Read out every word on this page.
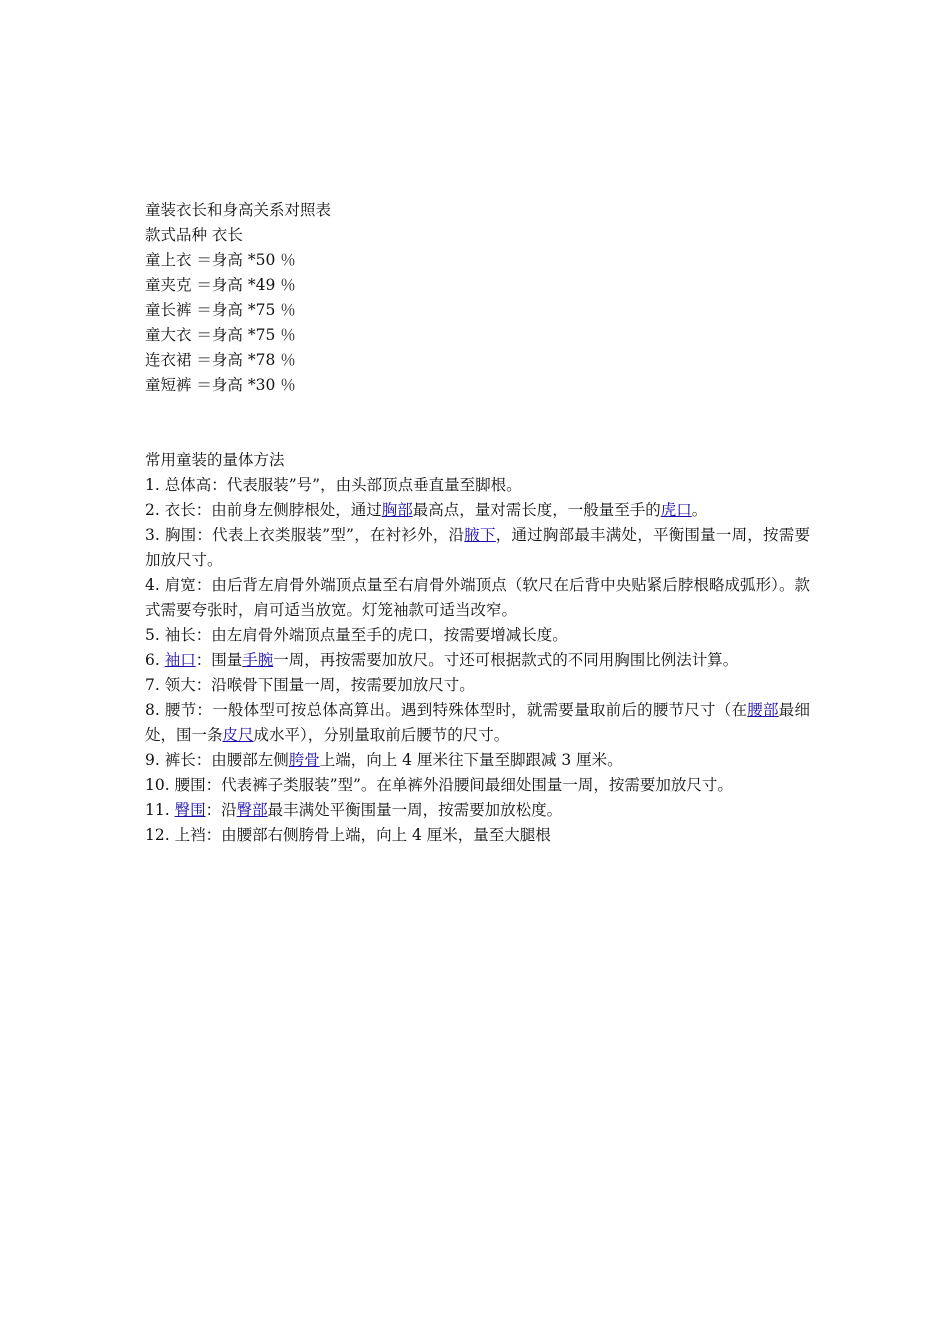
童装衣长和身高关系对照表
款式品种 衣长
童上衣 ＝身高 *50 ％
童夹克 ＝身高 *49 ％
童长裤 ＝身高 *75 ％
童大衣 ＝身高 *75 ％
连衣裙 ＝身高 *78 ％
童短裤 ＝身高 *30 ％
常用童装的量体方法
1. 总体高：代表服装”号”，由头部顶点垂直量至脚根。
2. 衣长：由前身左侧脖根处，通过胸部最高点，量对需长度，一般量至手的虎口。
3. 胸围：代表上衣类服装”型”，在衬衫外，沿腋下，通过胸部最丰满处，平衡围量一周，按需要加放尺寸。
4. 肩宽：由后背左肩骨外端顶点量至右肩骨外端顶点（软尺在后背中央贴紧后脖根略成弧形）。款式需要夸张时，肩可适当放宽。灯笼袖款可适当改窄。
5. 袖长：由左肩骨外端顶点量至手的虎口，按需要增减长度。
6. 袖口：围量手腕一周，再按需要加放尺。寸还可根据款式的不同用胸围比例法计算。
7. 领大：沿喉骨下围量一周，按需要加放尺寸。
8. 腰节：一般体型可按总体高算出。遇到特殊体型时，就需要量取前后的腰节尺寸（在腰部最细处，围一条皮尺成水平），分别量取前后腰节的尺寸。
9. 裤长：由腰部左侧胯骨上端，向上 4 厘米往下量至脚跟减 3 厘米。
10. 腰围：代表裤子类服装”型”。在单裤外沿腰间最细处围量一周，按需要加放尺寸。
11. 臀围：沿臀部最丰满处平衡围量一周，按需要加放松度。
12. 上裆：由腰部右侧胯骨上端，向上 4 厘米，量至大腿根
